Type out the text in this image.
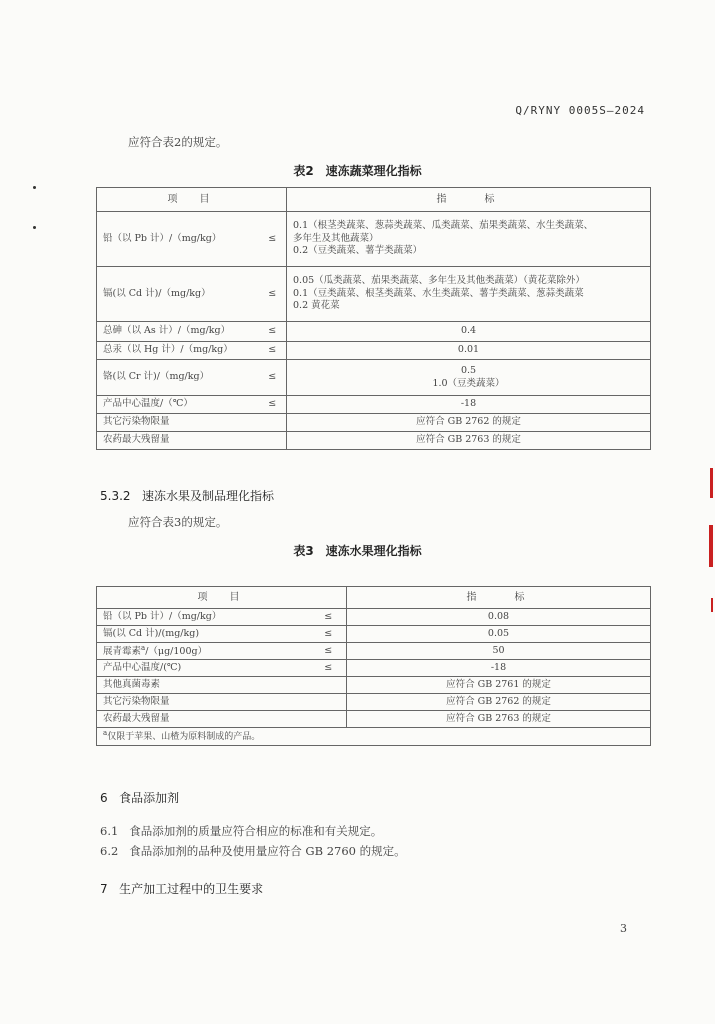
Q/RYNY 0005S—2024

应符合表2的规定。

表2　速冻蔬菜理化指标
项　目		指　　标
铅（以 Pb 计）/（mg/kg）	≤	0.1（根茎类蔬菜、葱蒜类蔬菜、瓜类蔬菜、茄果类蔬菜、水生类蔬菜、
多年生及其他蔬菜）
0.2（豆类蔬菜、薯芋类蔬菜）

镉(以 Cd 计)/（mg/kg）	≤	0.05（瓜类蔬菜、茄果类蔬菜、多年生及其他类蔬菜）（黄花菜除外）
0.1（豆类蔬菜、根茎类蔬菜、水生类蔬菜、薯芋类蔬菜、葱蒜类蔬菜
0.2 黄花菜

总砷（以 As 计）/（mg/kg）	≤	0.4
总汞（以 Hg 计）/（mg/kg）	≤	0.01
铬(以 Cr 计)/（mg/kg）	≤	0.5
1.0（豆类蔬菜）

产品中心温度/（℃）	≤	-18
其它污染物限量		应符合 GB 2762 的规定
农药最大残留量		应符合 GB 2763 的规定
5.3.2 速冻水果及制品理化指标

应符合表3的规定。

表3　速冻水果理化指标
项　目		指　　标
铅（以 Pb 计）/（mg/kg）	≤	0.08
镉(以 Cd 计)/(mg/kg)	≤	0.05
展青霉素$^a$/（μg/100g）	≤	50
产品中心温度/(℃)	≤	-18
其他真菌毒素		应符合 GB 2761 的规定
其它污染物限量		应符合 GB 2762 的规定
农药最大残留量		应符合 GB 2763 的规定
$^a$仅限于苹果、山楂为原料制成的产品。		
6 食品添加剂
6.1 食品添加剂的质量应符合相应的标准和有关规定。
6.2 食品添加剂的品种及使用量应符合 GB 2760 的规定。
7 生产加工过程中的卫生要求
3
